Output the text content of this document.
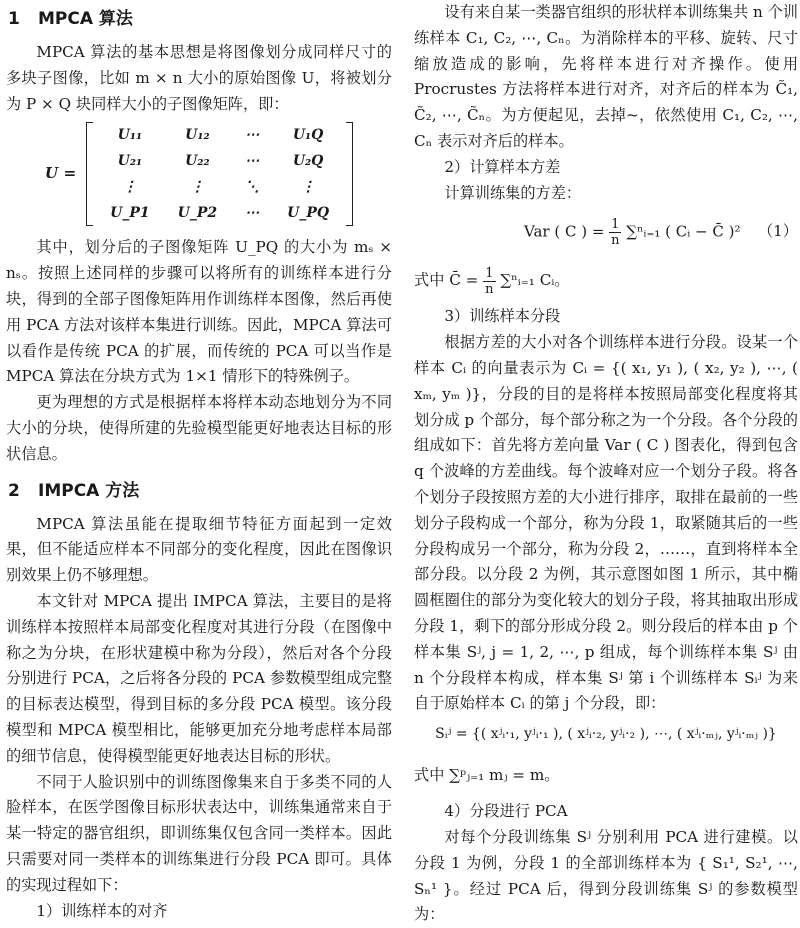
1 MPCA 算法

MPCA 算法的基本思想是将图像划分成同样尺寸的多块子图像，比如 m × n 大小的原始图像 U，将被划分为 P × Q 块同样大小的子图像矩阵，即：

U =
U₁₁	U₁₂	⋯	U₁Q
U₂₁	U₂₂	⋯	U₂Q
⋮	⋮	⋱	⋮
U_P1	U_P2	⋯	U_PQ

其中，划分后的子图像矩阵 U_PQ 的大小为 mₛ × nₛ。按照上述同样的步骤可以将所有的训练样本进行分块，得到的全部子图像矩阵用作训练样本图像，然后再使用 PCA 方法对该样本集进行训练。因此，MPCA 算法可以看作是传统 PCA 的扩展，而传统的 PCA 可以当作是 MPCA 算法在分块方式为 1×1 情形下的特殊例子。

更为理想的方式是根据样本将样本动态地划分为不同大小的分块，使得所建的先验模型能更好地表达目标的形状信息。

2 IMPCA 方法

MPCA 算法虽能在提取细节特征方面起到一定效果，但不能适应样本不同部分的变化程度，因此在图像识别效果上仍不够理想。

本文针对 MPCA 提出 IMPCA 算法，主要目的是将训练样本按照样本局部变化程度对其进行分段（在图像中称之为分块，在形状建模中称为分段），然后对各个分段分别进行 PCA，之后将各分段的 PCA 参数模型组成完整的目标表达模型，得到目标的多分段 PCA 模型。该分段模型和 MPCA 模型相比，能够更加充分地考虑样本局部的细节信息，使得模型能更好地表达目标的形状。

不同于人脸识别中的训练图像集来自于多类不同的人脸样本，在医学图像目标形状表达中，训练集通常来自于某一特定的器官组织，即训练集仅包含同一类样本。因此只需要对同一类样本的训练集进行分段 PCA 即可。具体的实现过程如下：

1）训练样本的对齐

设有来自某一类器官组织的形状样本训练集共 n 个训练样本 C₁, C₂, ⋯, Cₙ。为消除样本的平移、旋转、尺寸缩放造成的影响，先将样本进行对齐操作。使用 Procrustes 方法将样本进行对齐，对齐后的样本为 C̃₁, C̃₂, ⋯, C̃ₙ。为方便起见，去掉~，依然使用 C₁, C₂, ⋯, Cₙ 表示对齐后的样本。

2）计算样本方差

计算训练集的方差：

Var ( C ) = $\frac{1}{n}$ ∑ⁿᵢ₌₁ ( Cᵢ − C̄ )² （1）
式中 C̄ =
$\frac{1}{n}$
∑ⁿᵢ₌₁ Cᵢ。
3）训练样本分段

根据方差的大小对各个训练样本进行分段。设某一个样本 Cᵢ 的向量表示为 Cᵢ = {( x₁, y₁ ), ( x₂, y₂ ), ⋯, ( xₘ, yₘ )}，分段的目的是将样本按照局部变化程度将其划分成 p 个部分，每个部分称之为一个分段。各个分段的组成如下：首先将方差向量 Var ( C ) 图表化，得到包含 q 个波峰的方差曲线。每个波峰对应一个划分子段。将各个划分子段按照方差的大小进行排序，取排在最前的一些划分子段构成一个部分，称为分段 1，取紧随其后的一些分段构成另一个部分，称为分段 2，……，直到将样本全部分段。以分段 2 为例，其示意图如图 1 所示，其中椭圆框圈住的部分为变化较大的划分子段，将其抽取出形成分段 1，剩下的部分形成分段 2。则分段后的样本由 p 个样本集 Sʲ, j = 1, 2, ⋯, p 组成，每个训练样本集 Sʲ 由 n 个分段样本构成，样本集 Sʲ 第 i 个训练样本 Sᵢʲ 为来自于原始样本 Cᵢ 的第 j 个分段，即：

Sᵢʲ = {( xʲᵢ·₁, yʲᵢ·₁ ), ( xʲᵢ·₂, yʲᵢ·₂ ), ⋯, ( xʲᵢ·ₘⱼ, yʲᵢ·ₘⱼ )}
式中 ∑ᵖⱼ₌₁ mⱼ = m。
4）分段进行 PCA

对每个分段训练集 Sʲ 分别利用 PCA 进行建模。以分段 1 为例，分段 1 的全部训练样本为 { S₁¹, S₂¹, ⋯, Sₙ¹ }。经过 PCA 后，得到分段训练集 Sʲ 的参数模型为：
